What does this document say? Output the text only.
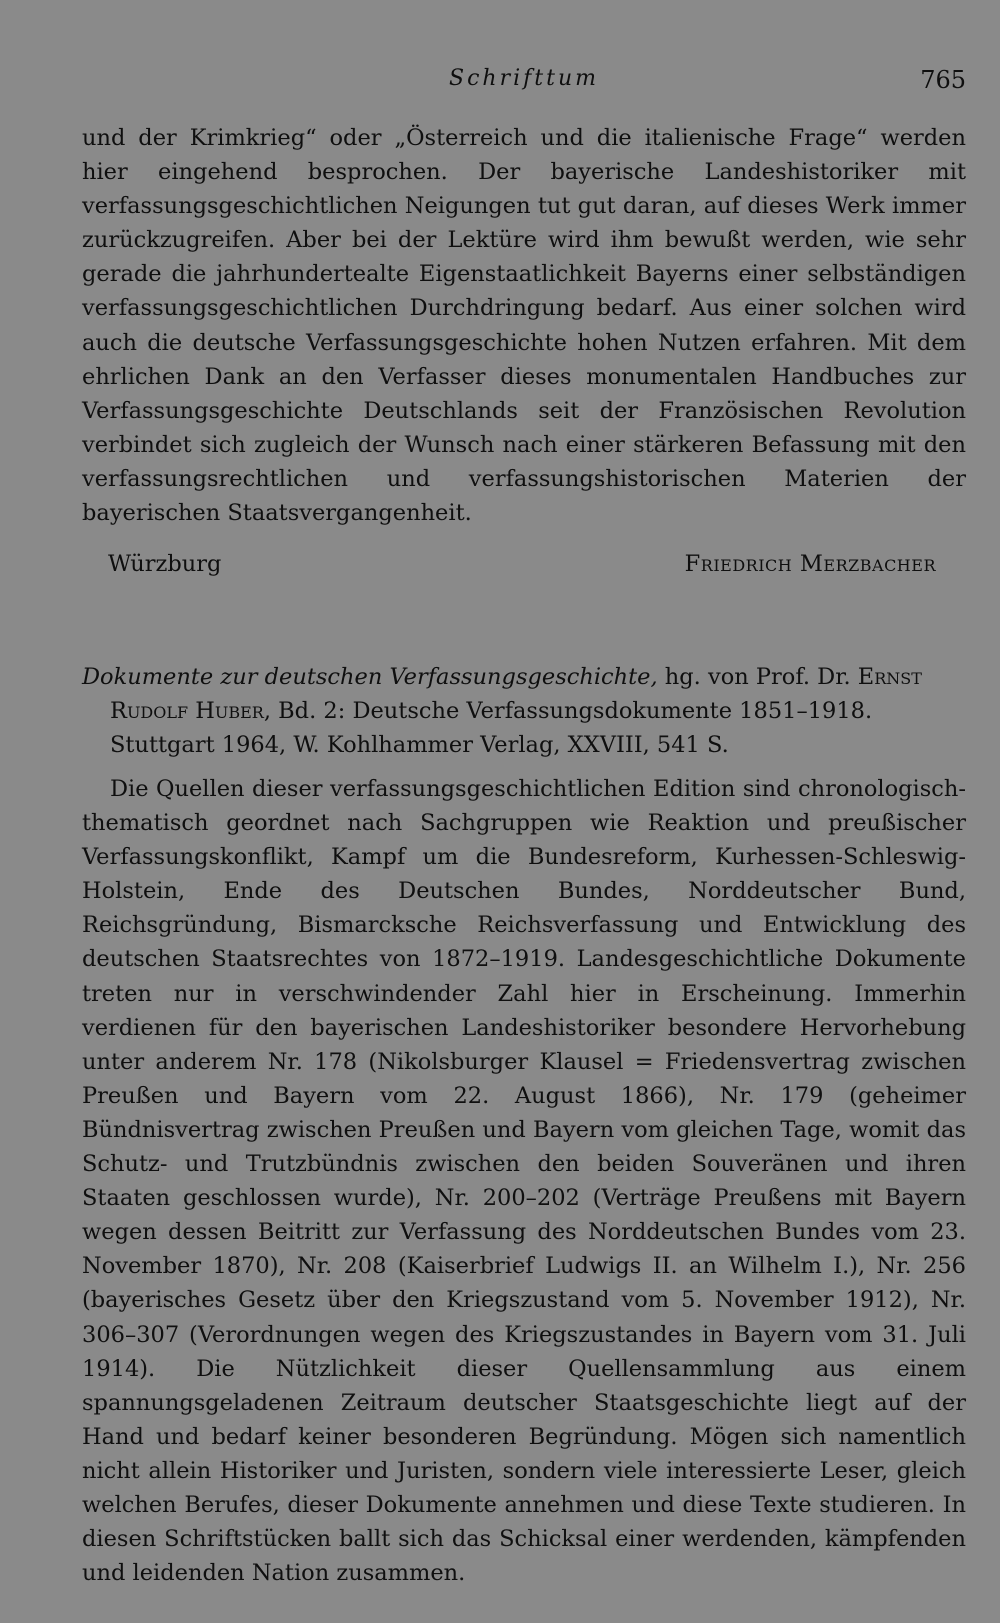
Schrifttum	765

und der Krimkrieg“ oder „Österreich und die italienische Frage“ werden hier eingehend besprochen. Der bayerische Landeshistoriker mit verfassungsgeschichtlichen Neigungen tut gut daran, auf dieses Werk immer zurückzugreifen. Aber bei der Lektüre wird ihm bewußt werden, wie sehr gerade die jahrhundertealte Eigenstaatlichkeit Bayerns einer selbständigen verfassungsgeschichtlichen Durchdringung bedarf. Aus einer solchen wird auch die deutsche Verfassungsgeschichte hohen Nutzen erfahren. Mit dem ehrlichen Dank an den Verfasser dieses monumentalen Handbuches zur Verfassungsgeschichte Deutschlands seit der Französischen Revolution verbindet sich zugleich der Wunsch nach einer stärkeren Befassung mit den verfassungsrechtlichen und verfassungshistorischen Materien der bayerischen Staatsvergangenheit.

Würzburg	Friedrich Merzbacher
Dokumente zur deutschen Verfassungsgeschichte, hg. von Prof. Dr. Ernst
Rudolf Huber, Bd. 2: Deutsche Verfassungsdokumente 1851–1918.
Stuttgart 1964, W. Kohlhammer Verlag, XXVIII, 541 S.

Die Quellen dieser verfassungsgeschichtlichen Edition sind chronologisch-thematisch geordnet nach Sachgruppen wie Reaktion und preußischer Verfassungskonflikt, Kampf um die Bundesreform, Kurhessen-Schleswig-Holstein, Ende des Deutschen Bundes, Norddeutscher Bund, Reichsgründung, Bismarcksche Reichsverfassung und Entwicklung des deutschen Staatsrechtes von 1872–1919. Landesgeschichtliche Dokumente treten nur in verschwindender Zahl hier in Erscheinung. Immerhin verdienen für den bayerischen Landeshistoriker besondere Hervorhebung unter anderem Nr. 178 (Nikolsburger Klausel = Friedensvertrag zwischen Preußen und Bayern vom 22. August 1866), Nr. 179 (geheimer Bündnisvertrag zwischen Preußen und Bayern vom gleichen Tage, womit das Schutz- und Trutzbündnis zwischen den beiden Souveränen und ihren Staaten geschlossen wurde), Nr. 200–202 (Verträge Preußens mit Bayern wegen dessen Beitritt zur Verfassung des Norddeutschen Bundes vom 23. November 1870), Nr. 208 (Kaiserbrief Ludwigs II. an Wilhelm I.), Nr. 256 (bayerisches Gesetz über den Kriegszustand vom 5. November 1912), Nr. 306–307 (Verordnungen wegen des Kriegszustandes in Bayern vom 31. Juli 1914). Die Nützlichkeit dieser Quellensammlung aus einem spannungsgeladenen Zeitraum deutscher Staatsgeschichte liegt auf der Hand und bedarf keiner besonderen Begründung. Mögen sich namentlich nicht allein Historiker und Juristen, sondern viele interessierte Leser, gleich welchen Berufes, dieser Dokumente annehmen und diese Texte studieren. In diesen Schriftstücken ballt sich das Schicksal einer werdenden, kämpfenden und leidenden Nation zusammen.
